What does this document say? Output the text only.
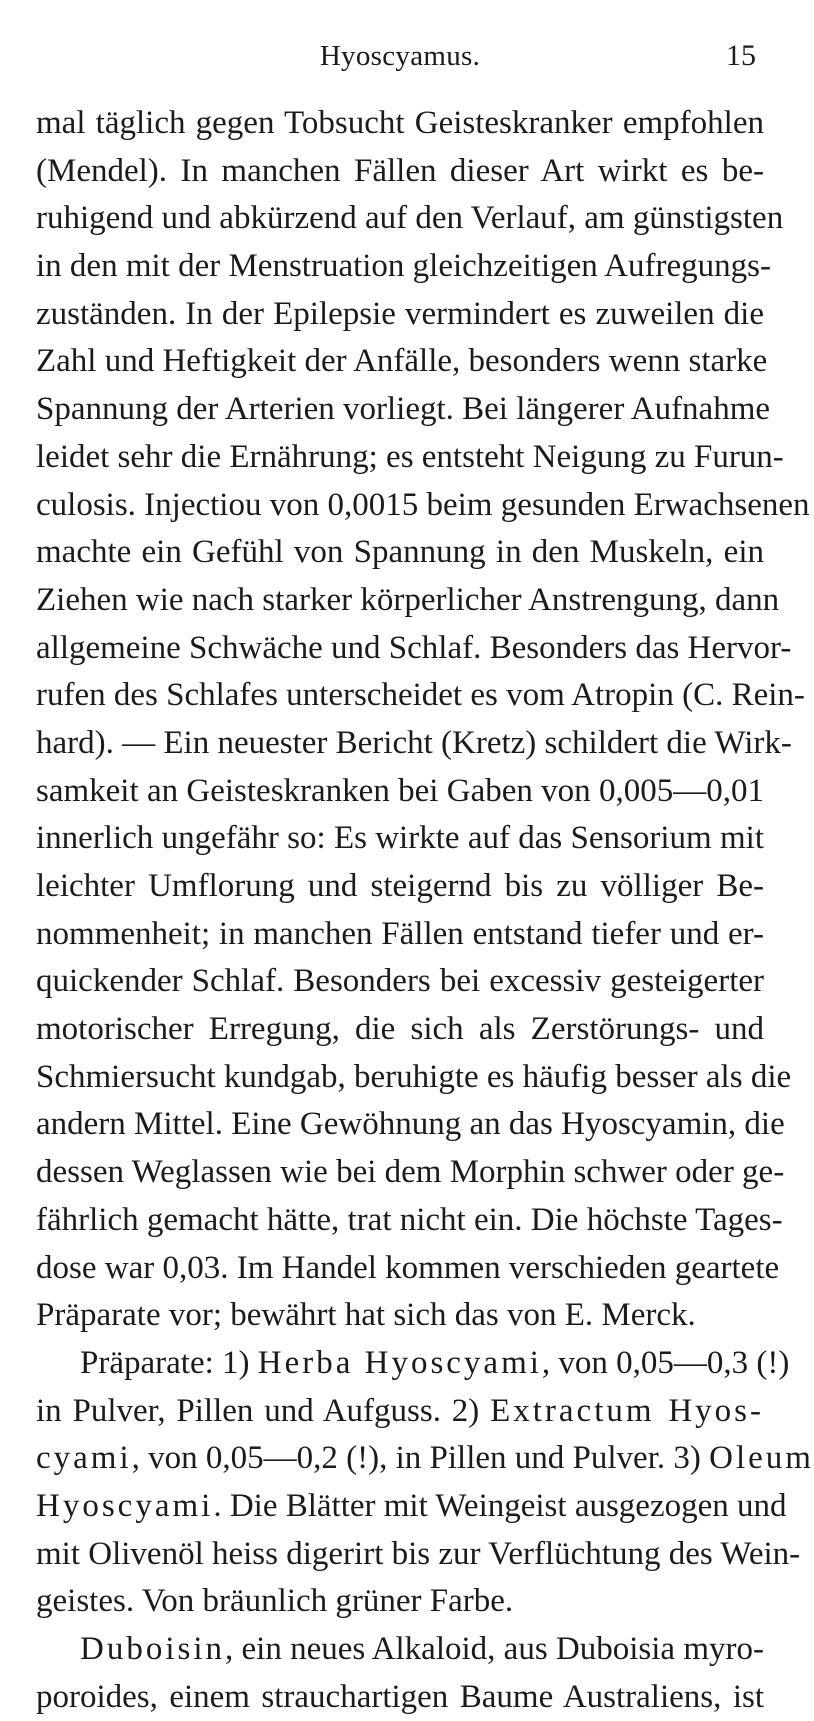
Hyoscyamus.	15
mal täglich gegen Tobsucht Geisteskranker empfohlen
(Mendel). In manchen Fällen dieser Art wirkt es be-
ruhigend und abkürzend auf den Verlauf, am günstigsten
in den mit der Menstruation gleichzeitigen Aufregungs-
zuständen. In der Epilepsie vermindert es zuweilen die
Zahl und Heftigkeit der Anfälle, besonders wenn starke
Spannung der Arterien vorliegt. Bei längerer Aufnahme
leidet sehr die Ernährung; es entsteht Neigung zu Furun-
culosis. Injectiou von 0,0015 beim gesunden Erwachsenen
machte ein Gefühl von Spannung in den Muskeln, ein
Ziehen wie nach starker körperlicher Anstrengung, dann
allgemeine Schwäche und Schlaf. Besonders das Hervor-
rufen des Schlafes unterscheidet es vom Atropin (C. Rein-
hard). — Ein neuester Bericht (Kretz) schildert die Wirk-
samkeit an Geisteskranken bei Gaben von 0,005—0,01
innerlich ungefähr so: Es wirkte auf das Sensorium mit
leichter Umflorung und steigernd bis zu völliger Be-
nommenheit; in manchen Fällen entstand tiefer und er-
quickender Schlaf. Besonders bei excessiv gesteigerter
motorischer Erregung, die sich als Zerstörungs- und
Schmiersucht kundgab, beruhigte es häufig besser als die
andern Mittel. Eine Gewöhnung an das Hyoscyamin, die
dessen Weglassen wie bei dem Morphin schwer oder ge-
fährlich gemacht hätte, trat nicht ein. Die höchste Tages-
dose war 0,03. Im Handel kommen verschieden geartete
Präparate vor; bewährt hat sich das von E. Merck.
Präparate: 1) Herba Hyoscyami, von 0,05—0,3 (!)
in Pulver, Pillen und Aufguss. 2) Extractum Hyos-
cyami, von 0,05—0,2 (!), in Pillen und Pulver. 3) Oleum
Hyoscyami. Die Blätter mit Weingeist ausgezogen und
mit Olivenöl heiss digerirt bis zur Verflüchtung des Wein-
geistes. Von bräunlich grüner Farbe.
Duboisin, ein neues Alkaloid, aus Duboisia myro-
poroides, einem strauchartigen Baume Australiens, ist
